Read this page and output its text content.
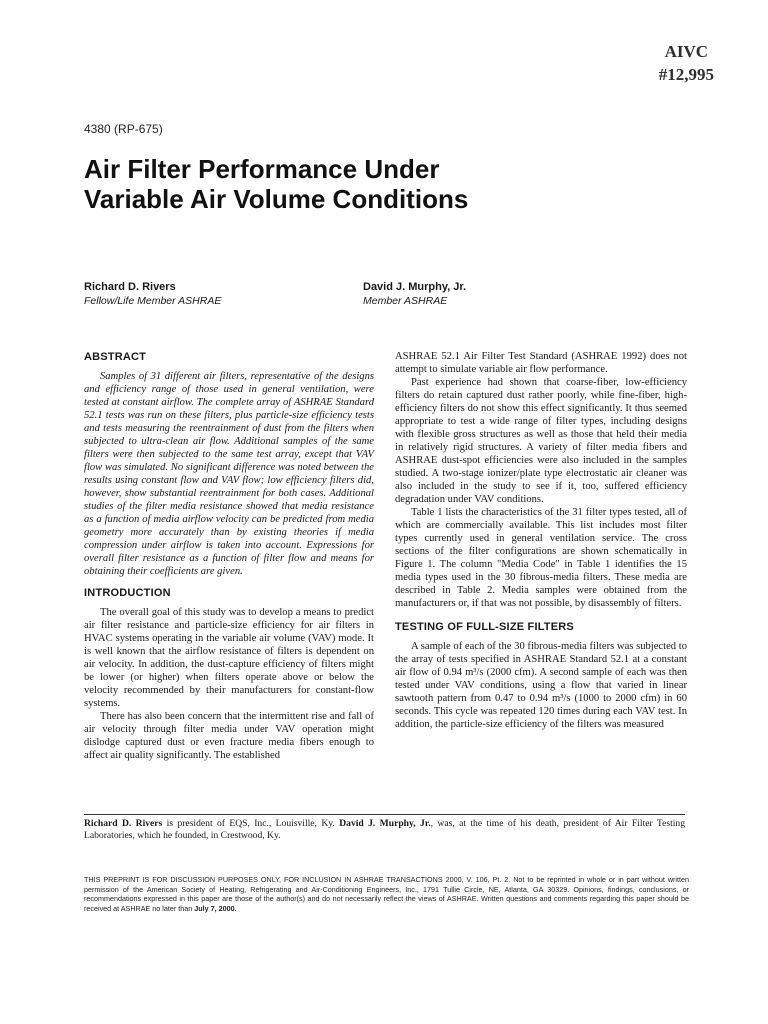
AIVC
#12,995
4380 (RP-675)
Air Filter Performance Under
Variable Air Volume Conditions
Richard D. Rivers
Fellow/Life Member ASHRAE
David J. Murphy, Jr.
Member ASHRAE
ABSTRACT

Samples of 31 different air filters, representative of the designs and efficiency range of those used in general ventilation, were tested at constant airflow. The complete array of ASHRAE Standard 52.1 tests was run on these filters, plus particle-size efficiency tests and tests measuring the reentrainment of dust from the filters when subjected to ultra-clean air flow. Additional samples of the same filters were then subjected to the same test array, except that VAV flow was simulated. No significant difference was noted between the results using constant flow and VAV flow; low efficiency filters did, however, show substantial reentrainment for both cases. Additional studies of the filter media resistance showed that media resistance as a function of media airflow velocity can be predicted from media geometry more accurately than by existing theories if media compression under airflow is taken into account. Expressions for overall filter resistance as a function of filter flow and means for obtaining their coefficients are given.

INTRODUCTION

The overall goal of this study was to develop a means to predict air filter resistance and particle-size efficiency for air filters in HVAC systems operating in the variable air volume (VAV) mode. It is well known that the airflow resistance of filters is dependent on air velocity. In addition, the dust-capture efficiency of filters might be lower (or higher) when filters operate above or below the velocity recommended by their manufacturers for constant-flow systems.

There has also been concern that the intermittent rise and fall of air velocity through filter media under VAV operation might dislodge captured dust or even fracture media fibers enough to affect air quality significantly. The established

ASHRAE 52.1 Air Filter Test Standard (ASHRAE 1992) does not attempt to simulate variable air flow performance.

Past experience had shown that coarse-fiber, low-efficiency filters do retain captured dust rather poorly, while fine-fiber, high-efficiency filters do not show this effect significantly. It thus seemed appropriate to test a wide range of filter types, including designs with flexible gross structures as well as those that held their media in relatively rigid structures. A variety of filter media fibers and ASHRAE dust-spot efficiencies were also included in the samples studied. A two-stage ionizer/plate type electrostatic air cleaner was also included in the study to see if it, too, suffered efficiency degradation under VAV conditions.

Table 1 lists the characteristics of the 31 filter types tested, all of which are commercially available. This list includes most filter types currently used in general ventilation service. The cross sections of the filter configurations are shown schematically in Figure 1. The column "Media Code" in Table 1 identifies the 15 media types used in the 30 fibrous-media filters. These media are described in Table 2. Media samples were obtained from the manufacturers or, if that was not possible, by disassembly of filters.

TESTING OF FULL-SIZE FILTERS

A sample of each of the 30 fibrous-media filters was subjected to the array of tests specified in ASHRAE Standard 52.1 at a constant air flow of 0.94 m³/s (2000 cfm). A second sample of each was then tested under VAV conditions, using a flow that varied in linear sawtooth pattern from 0.47 to 0.94 m³/s (1000 to 2000 cfm) in 60 seconds. This cycle was repeated 120 times during each VAV test. In addition, the particle-size efficiency of the filters was measured

Richard D. Rivers is president of EQS, Inc., Louisville, Ky. David J. Murphy, Jr., was, at the time of his death, president of Air Filter Testing Laboratories, which he founded, in Crestwood, Ky.
THIS PREPRINT IS FOR DISCUSSION PURPOSES ONLY, FOR INCLUSION IN ASHRAE TRANSACTIONS 2000, V. 106, Pt. 2. Not to be reprinted in whole or in part without written permission of the American Society of Heating, Refrigerating and Air-Conditioning Engineers, Inc., 1791 Tullie Circle, NE, Atlanta, GA 30329. Opinions, findings, conclusions, or recommendations expressed in this paper are those of the author(s) and do not necessarily reflect the views of ASHRAE. Written questions and comments regarding this paper should be received at ASHRAE no later than July 7, 2000.
